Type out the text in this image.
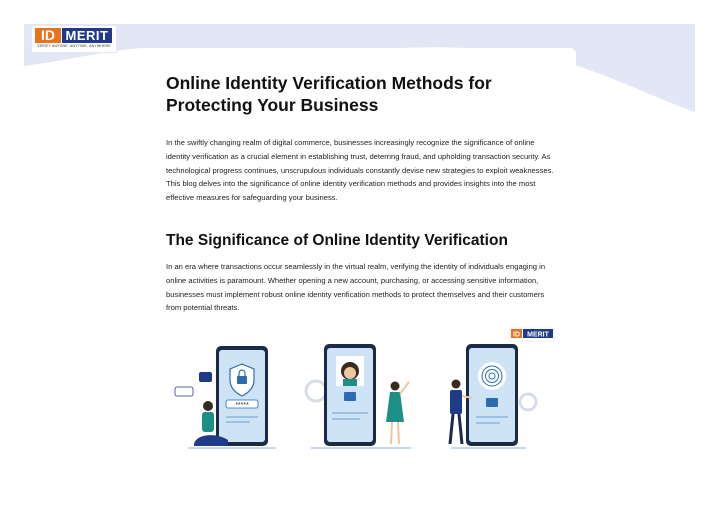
ID MERIT
VERIFY ANYONE, ANYTIME, ANYWHERE
Online Identity Verification Methods for Protecting Your Business

In the swiftly changing realm of digital commerce, businesses increasingly recognize the significance of online identity verification as a crucial element in establishing trust, deterring fraud, and upholding transaction security. As technological progress continues, unscrupulous individuals constantly devise new strategies to exploit weaknesses. This blog delves into the significance of online identity verification methods and provides insights into the most effective measures for safeguarding your business.

The Significance of Online Identity Verification

In an era where transactions occur seamlessly in the virtual realm, verifying the identity of individuals engaging in online activities is paramount. Whether opening a new account, purchasing, or accessing sensitive information, businesses must implement robust online identity verification methods to protect themselves and their customers from potential threats.

ID MERIT
*****
